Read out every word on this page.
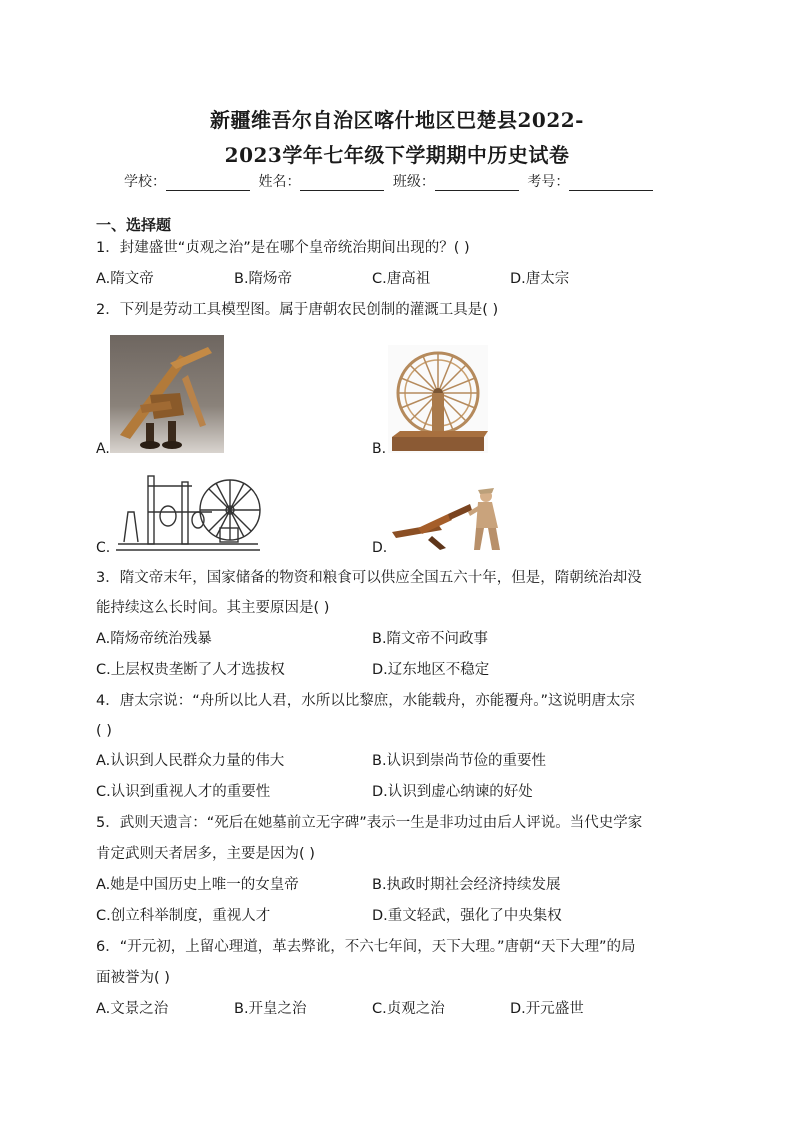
新疆维吾尔自治区喀什地区巴楚县2022-
2023学年七年级下学期期中历史试卷
学校：	姓名：	班级：	考号：
一、选择题
1．封建盛世“贞观之治”是在哪个皇帝统治期间出现的？( )
A.隋文帝	B.隋炀帝	C.唐高祖	D.唐太宗
2．下列是劳动工具模型图。属于唐朝农民创制的灌溉工具是( )
A.	B.
C.	D.
3．隋文帝末年，国家储备的物资和粮食可以供应全国五六十年，但是，隋朝统治却没
能持续这么长时间。其主要原因是( )
A.隋炀帝统治残暴	B.隋文帝不问政事
C.上层权贵垄断了人才选拔权	D.辽东地区不稳定
4．唐太宗说：“舟所以比人君，水所以比黎庶，水能载舟，亦能覆舟。”这说明唐太宗
( )
A.认识到人民群众力量的伟大	B.认识到崇尚节俭的重要性
C.认识到重视人才的重要性	D.认识到虚心纳谏的好处
5．武则天遗言：“死后在她墓前立无字碑”表示一生是非功过由后人评说。当代史学家
肯定武则天者居多，主要是因为( )
A.她是中国历史上唯一的女皇帝	B.执政时期社会经济持续发展
C.创立科举制度，重视人才	D.重文轻武，强化了中央集权
6．“开元初，上留心理道，革去弊讹，不六七年间，天下大理。”唐朝“天下大理”的局
面被誉为( )
A.文景之治	B.开皇之治	C.贞观之治	D.开元盛世
